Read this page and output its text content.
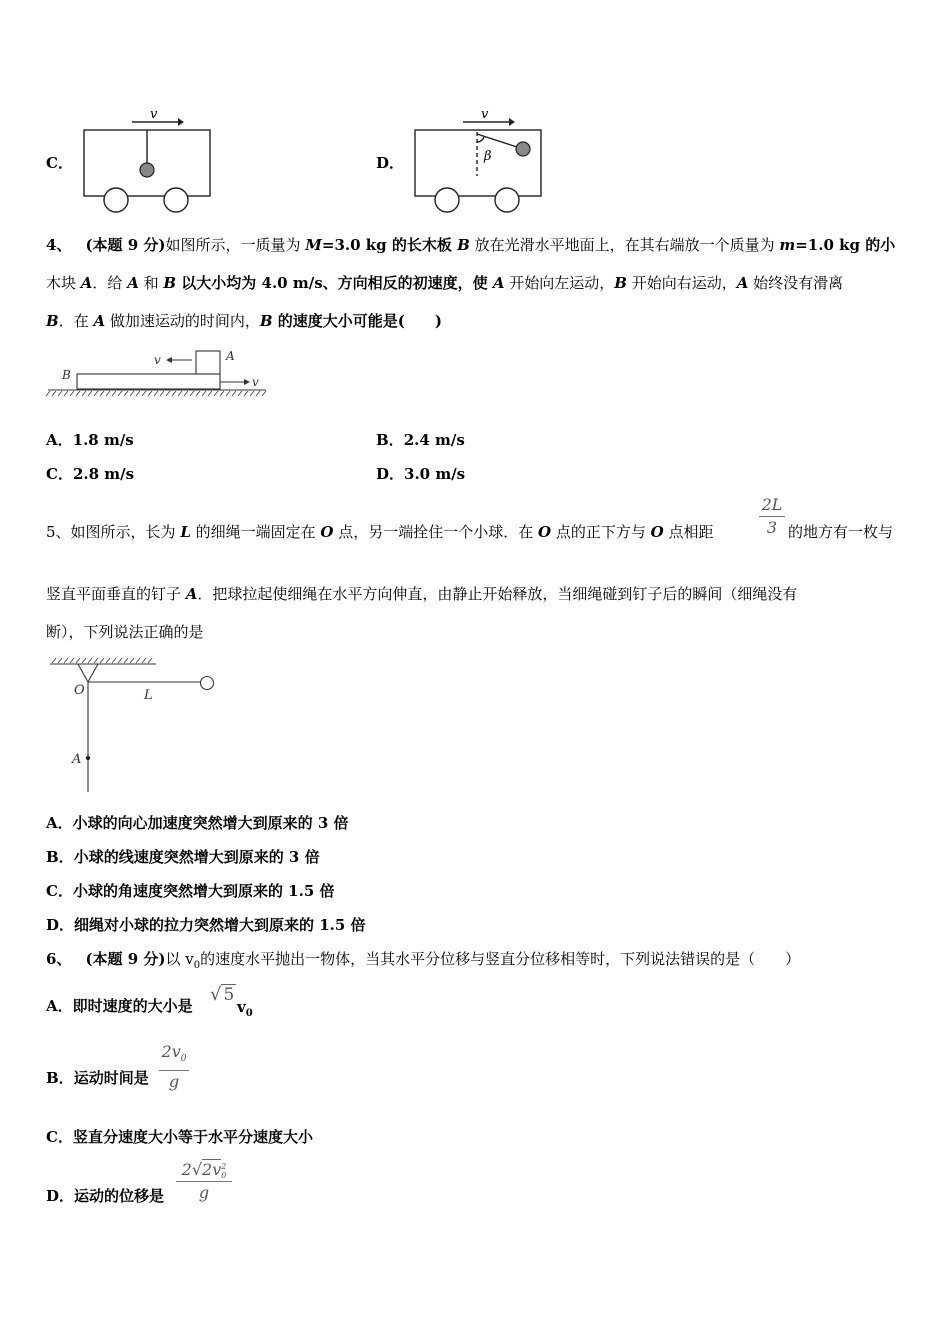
C．
v
D．
v
β
4、 (本题 9 分)如图所示，一质量为 M=3.0 kg 的长木板 B 放在光滑水平地面上，在其右端放一个质量为 m=1.0 kg 的小
木块 A．给 A 和 B 以大小均为 4.0 m/s、方向相反的初速度，使 A 开始向左运动，B 开始向右运动，A 始终没有滑离
B．在 A 做加速运动的时间内，B 的速度大小可能是(　　)
v	A
B	v
A．1.8 m/s	B．2.4 m/s
C．2.8 m/s	D．3.0 m/s
5、如图所示，长为 L 的细绳一端固定在 O 点，另一端拴住一个小球．在 O 点的正下方与 O 点相距
2L
3 的地方有一枚与
竖直平面垂直的钉子 A．把球拉起使细绳在水平方向伸直，由静止开始释放，当细绳碰到钉子后的瞬间（细绳没有
断），下列说法正确的是
O	L
A
A．小球的向心加速度突然增大到原来的 3 倍
B．小球的线速度突然增大到原来的 3 倍
C．小球的角速度突然增大到原来的 1.5 倍
D．细绳对小球的拉力突然增大到原来的 1.5 倍
6、 (本题 9 分)以 $v_0$的速度水平抛出一物体，当其水平分位移与竖直分位移相等时，下列说法错误的是（　　）
A．即时速度的大小是
√ 5
$v_0$
B．运动时间是
$2v_0$
g
C．竖直分速度大小等于水平分速度大小
D．运动的位移是
2√2v 2
0
g
